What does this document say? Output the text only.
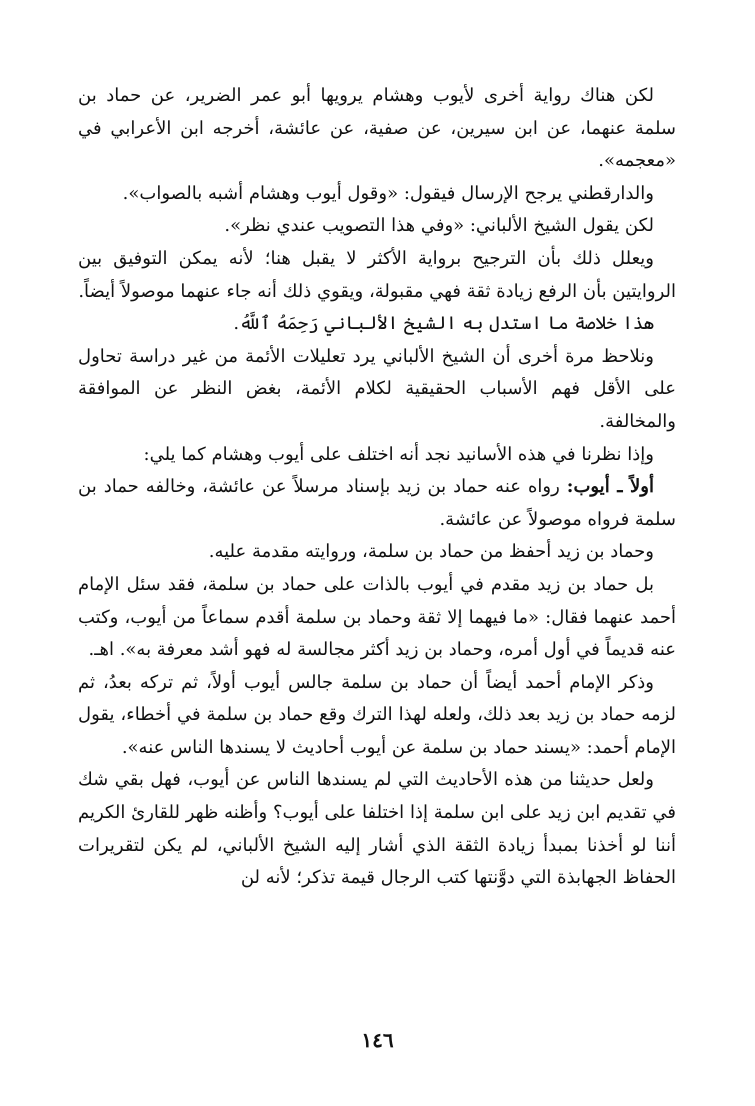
لكن هناك رواية أخرى لأيوب وهشام يرويها أبو عمر الضرير، عن حماد بن سلمة عنهما، عن ابن سيرين، عن صفية، عن عائشة، أخرجه ابن الأعرابي في «معجمه».

والدارقطني يرجح الإرسال فيقول: «وقول أيوب وهشام أشبه بالصواب».

لكن يقول الشيخ الألباني: «وفي هذا التصويب عندي نظر».

ويعلل ذلك بأن الترجيح برواية الأكثر لا يقبل هنا؛ لأنه يمكن التوفيق بين الروايتين بأن الرفع زيادة ثقة فهي مقبولة، ويقوي ذلك أنه جاء عنهما موصولاً أيضاً.

هذا خلاصة ما استدل به الشيخ الألباني رَحِمَهُ ٱللَّهُ.

ونلاحظ مرة أخرى أن الشيخ الألباني يرد تعليلات الأئمة من غير دراسة تحاول على الأقل فهم الأسباب الحقيقية لكلام الأئمة، بغض النظر عن الموافقة والمخالفة.

وإذا نظرنا في هذه الأسانيد نجد أنه اختلف على أيوب وهشام كما يلي:

أولاً ـ أيوب: رواه عنه حماد بن زيد بإسناد مرسلاً عن عائشة، وخالفه حماد بن سلمة فرواه موصولاً عن عائشة.

وحماد بن زيد أحفظ من حماد بن سلمة، وروايته مقدمة عليه.

بل حماد بن زيد مقدم في أيوب بالذات على حماد بن سلمة، فقد سئل الإمام أحمد عنهما فقال: «ما فيهما إلا ثقة وحماد بن سلمة أقدم سماعاً من أيوب، وكتب عنه قديماً في أول أمره، وحماد بن زيد أكثر مجالسة له فهو أشد معرفة به». اهـ.

وذكر الإمام أحمد أيضاً أن حماد بن سلمة جالس أيوب أولاً، ثم تركه بعدُ، ثم لزمه حماد بن زيد بعد ذلك، ولعله لهذا الترك وقع حماد بن سلمة في أخطاء، يقول الإمام أحمد: «يسند حماد بن سلمة عن أيوب أحاديث لا يسندها الناس عنه».

ولعل حديثنا من هذه الأحاديث التي لم يسندها الناس عن أيوب، فهل بقي شك في تقديم ابن زيد على ابن سلمة إذا اختلفا على أيوب؟ وأظنه ظهر للقارئ الكريم أننا لو أخذنا بمبدأ زيادة الثقة الذي أشار إليه الشيخ الألباني، لم يكن لتقريرات الحفاظ الجهابذة التي دوَّنتها كتب الرجال قيمة تذكر؛ لأنه لن

١٤٦
